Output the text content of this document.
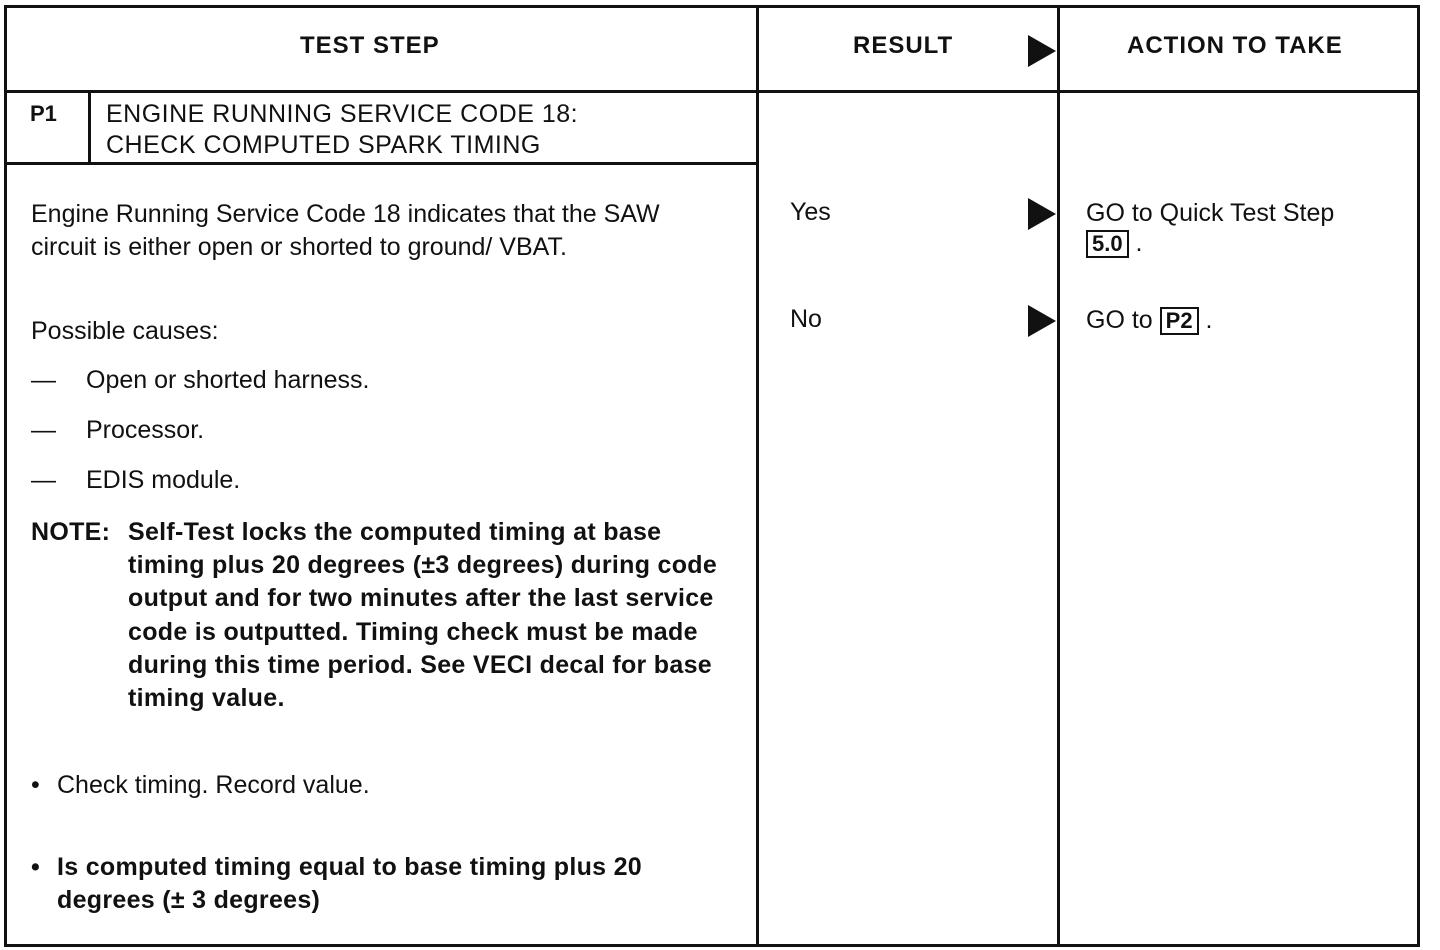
TEST STEP	RESULT	ACTION TO TAKE
P1 ENGINE RUNNING SERVICE CODE 18:
CHECK COMPUTED SPARK TIMING

Engine Running Service Code 18 indicates that the SAW circuit is either open or shorted to ground/ VBAT.

Possible causes:

— Open or shorted harness.
— Processor.
— EDIS module.
NOTE: Self-Test locks the computed timing at base timing plus 20 degrees (±3 degrees) during code output and for two minutes after the last service code is outputted. Timing check must be made during this time period. See VECI decal for base timing value.
• Check timing. Record value.
• Is computed timing equal to base timing plus 20 degrees (± 3 degrees)
Yes	GO to Quick Test Step
5.0 .
No	GO to P2 .
